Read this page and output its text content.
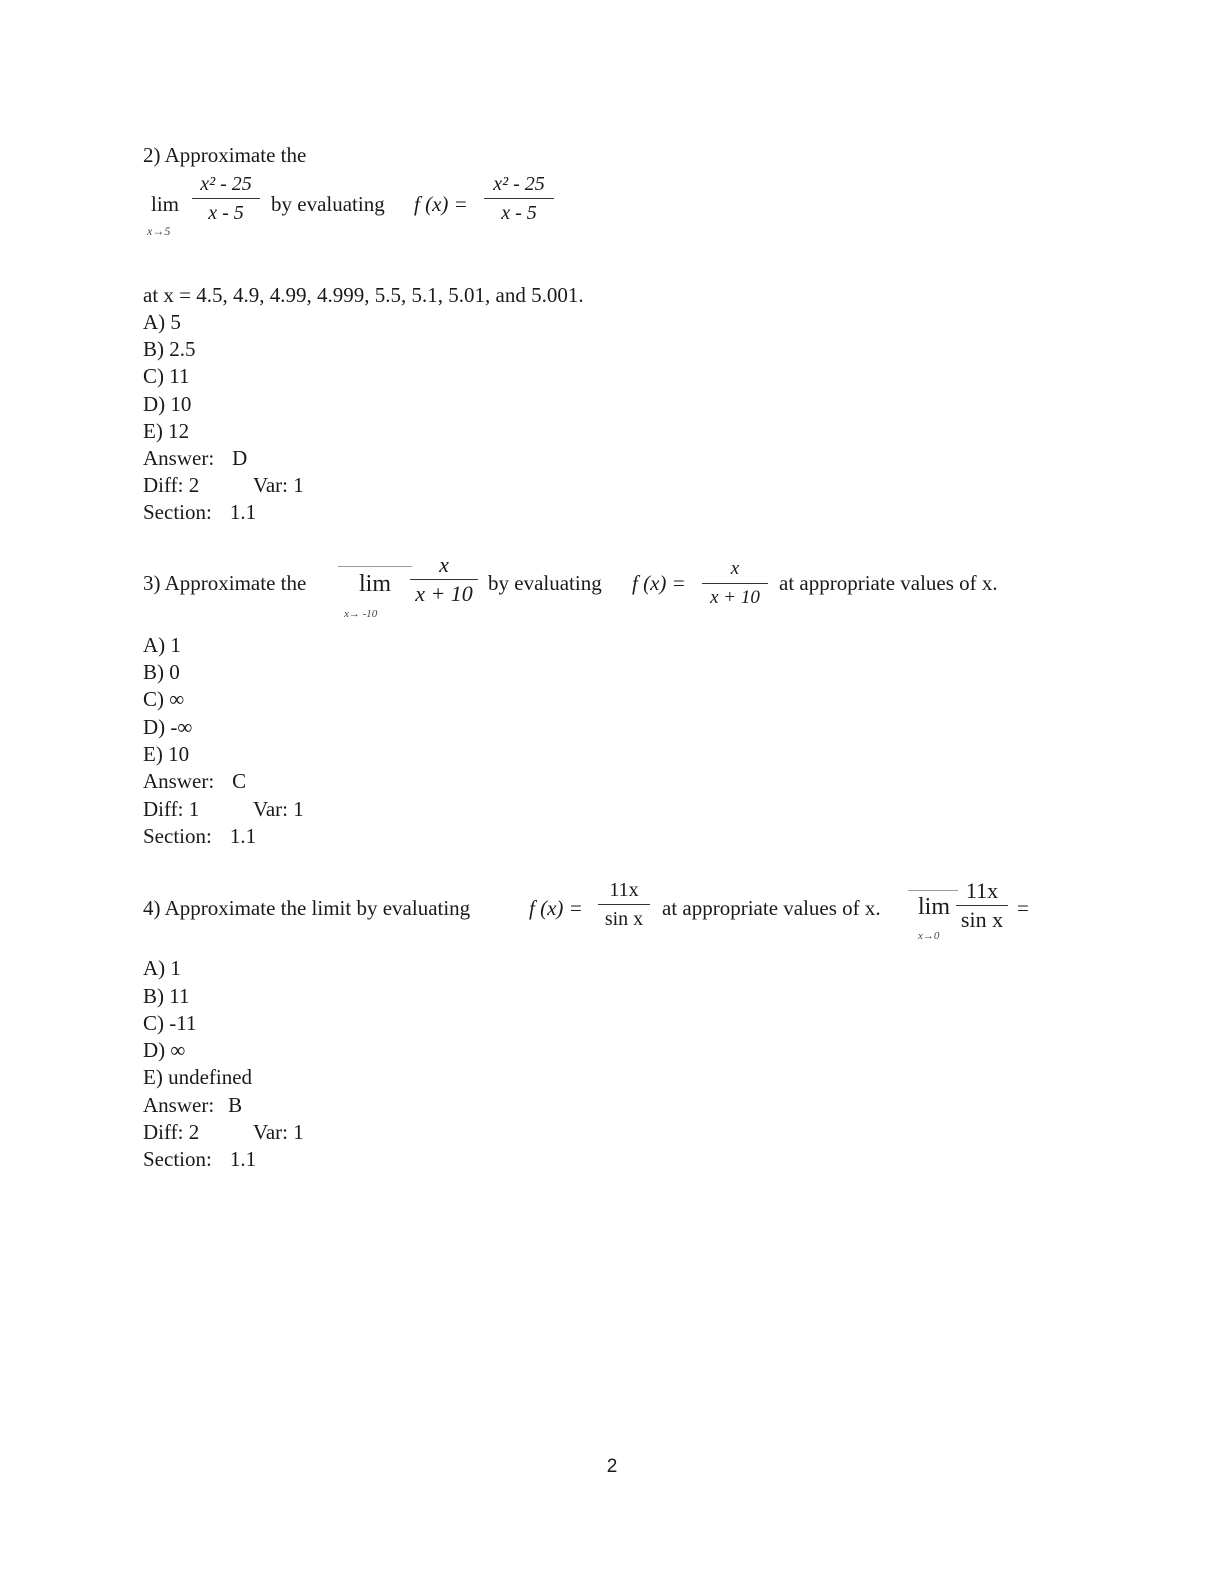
2) Approximate the
lim
x→5
x² - 25
x - 5	by evaluating f (x) =
x² - 25
x - 5
at x = 4.5, 4.9, 4.99, 4.999, 5.5, 5.1, 5.01, and 5.001.
A) 5
B) 2.5
C) 11
D) 10
E) 12
Answer: D
Diff: 2	Var: 1
Section: 1.1
3) Approximate the lim
x→ -10
x
x + 10 by evaluating f (x) =
x
x + 10
at appropriate values of x.
A) 1
B) 0
C) ∞
D) -∞
E) 10
Answer: C
Diff: 1	Var: 1
Section: 1.1
4) Approximate the limit by evaluating	f (x) =
11x
sin x at appropriate values of x. lim
x→0
11x
sin x =
A) 1
B) 11
C) -11
D) ∞
E) undefined
Answer: B
Diff: 2	Var: 1
Section: 1.1
2
